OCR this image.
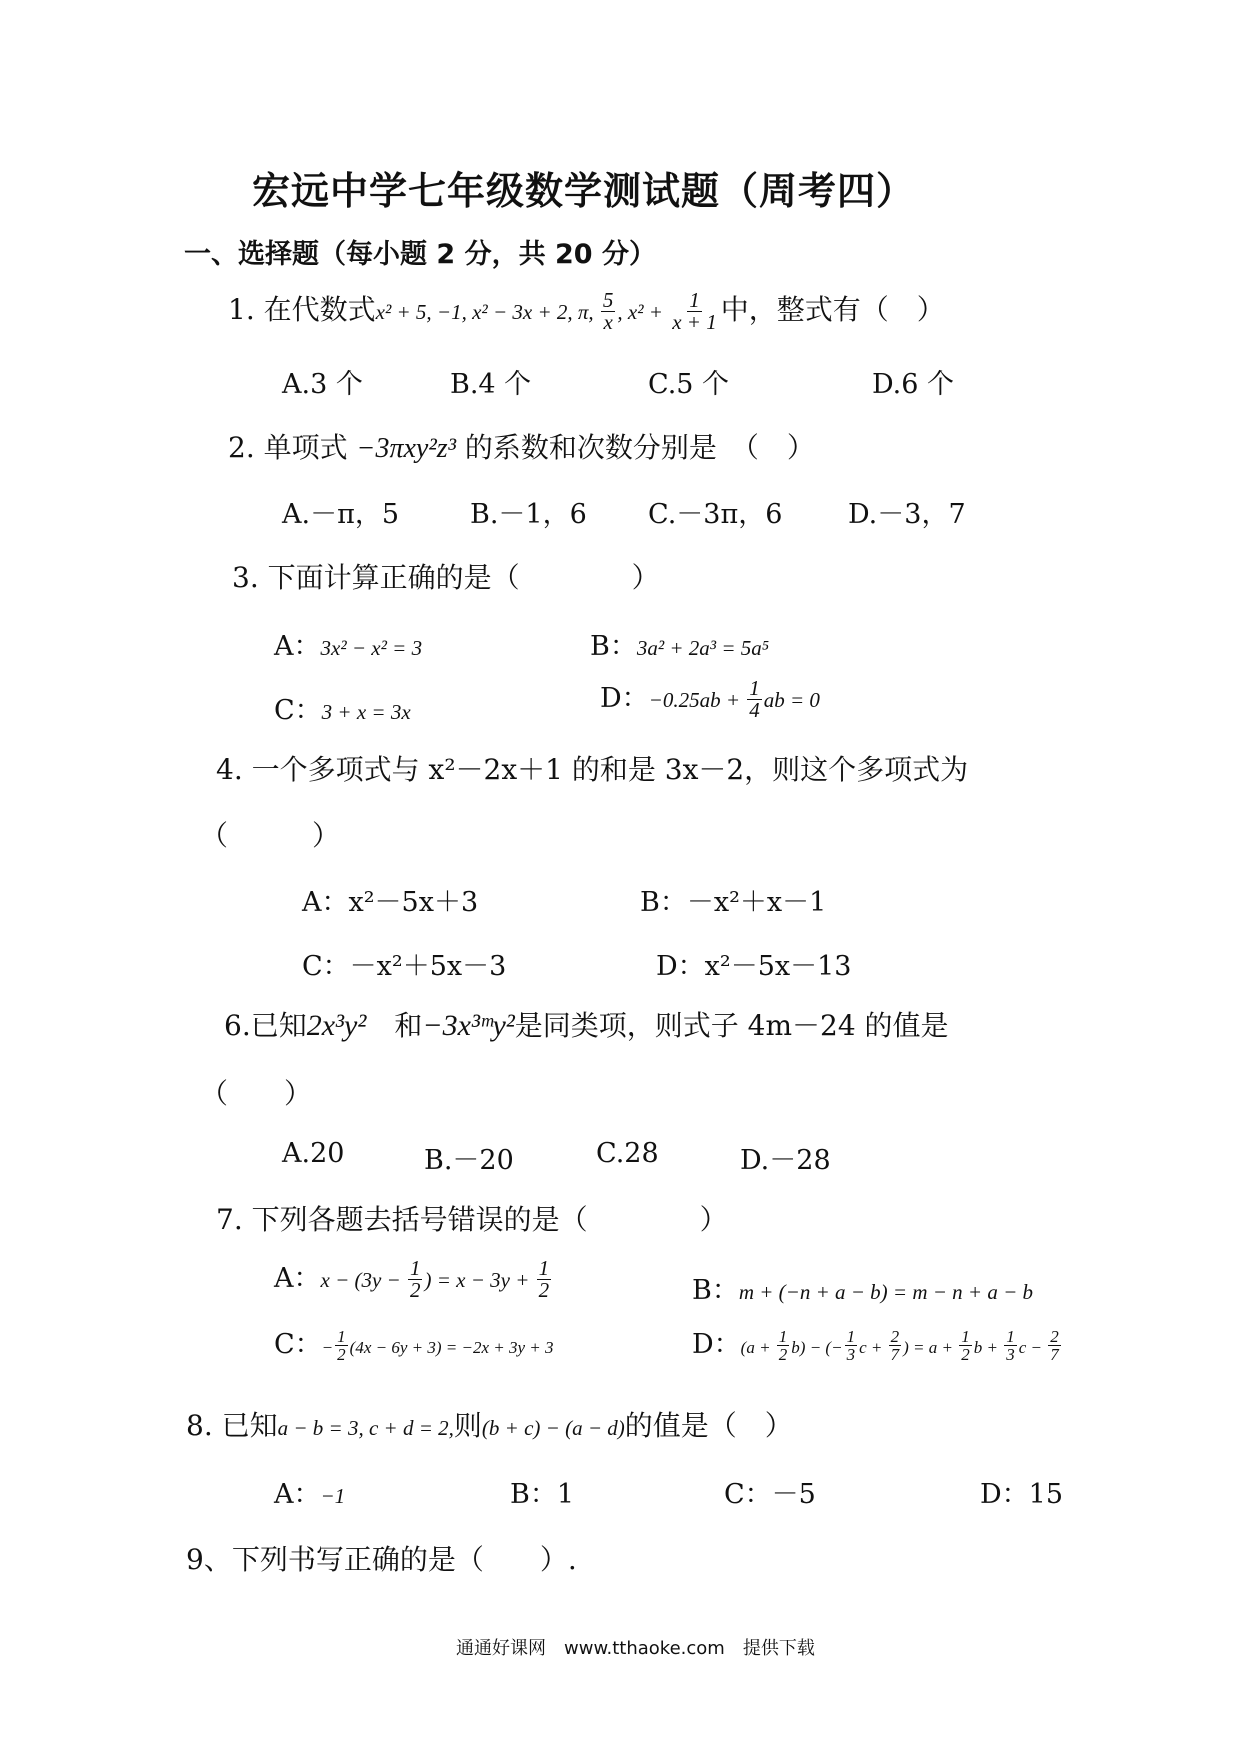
宏远中学七年级数学测试题（周考四）
一、选择题（每小题 2 分，共 20 分）
1. 在代数式x² + 5, −1, x² − 3x + 2, π, $\frac{5}{x}$ , $x^2 + \frac{1}{x + 1}$ 中，整式有（　）
A.3 个	B.4 个	C.5 个	D.6 个
2. 单项式 −3πxy²z³ 的系数和次数分别是　（　）
A.－π，5	B.－1，6 C.－3π，6 D.－3，7
3. 下面计算正确的是（　　　　）
A：3x² − x² = 3	B：3a² + 2a³ = 5a⁵
C：3 + x = 3x	D：$-0.25ab + \frac{1}{4}$ ab = 0
4. 一个多项式与 x²－2x＋1 的和是 3x－2，则这个多项式为
（　　　）
A：x²－5x＋3	B：－x²＋x－1
C：－x²＋5x－3	D：x²－5x－13
6.已知2x³y²　 和−3x³ᵐy²是同类项，则式子 4m－24 的值是
（　　）
A.20	B.－20	C.28	D.－28
7. 下列各题去括号错误的是（　　　　）
A：$x - (3y - \frac{1}{2}$ ) = $x - 3y + \frac{1}{2}$	B：m + (−n + a − b) = m − n + a − b
C：− $\frac{1}{2} (4x - 6y + 3) = -2x + 3y + 3$	D：$(a + \frac{1}{2} b)$ − (− $\frac{1}{3}$ $c + \frac{2}{7}$ ) = $a + \frac{1}{2}$ $b + \frac{1}{3}$ $c - \frac{2}{7}$
8. 已知a − b = 3, c + d = 2,则(b + c) − (a − d)的值是（　）
A：−1	B：1	C：－5	D：15
9、下列书写正确的是（　　）.
通通好课网　www.tthaoke.com　提供下载
